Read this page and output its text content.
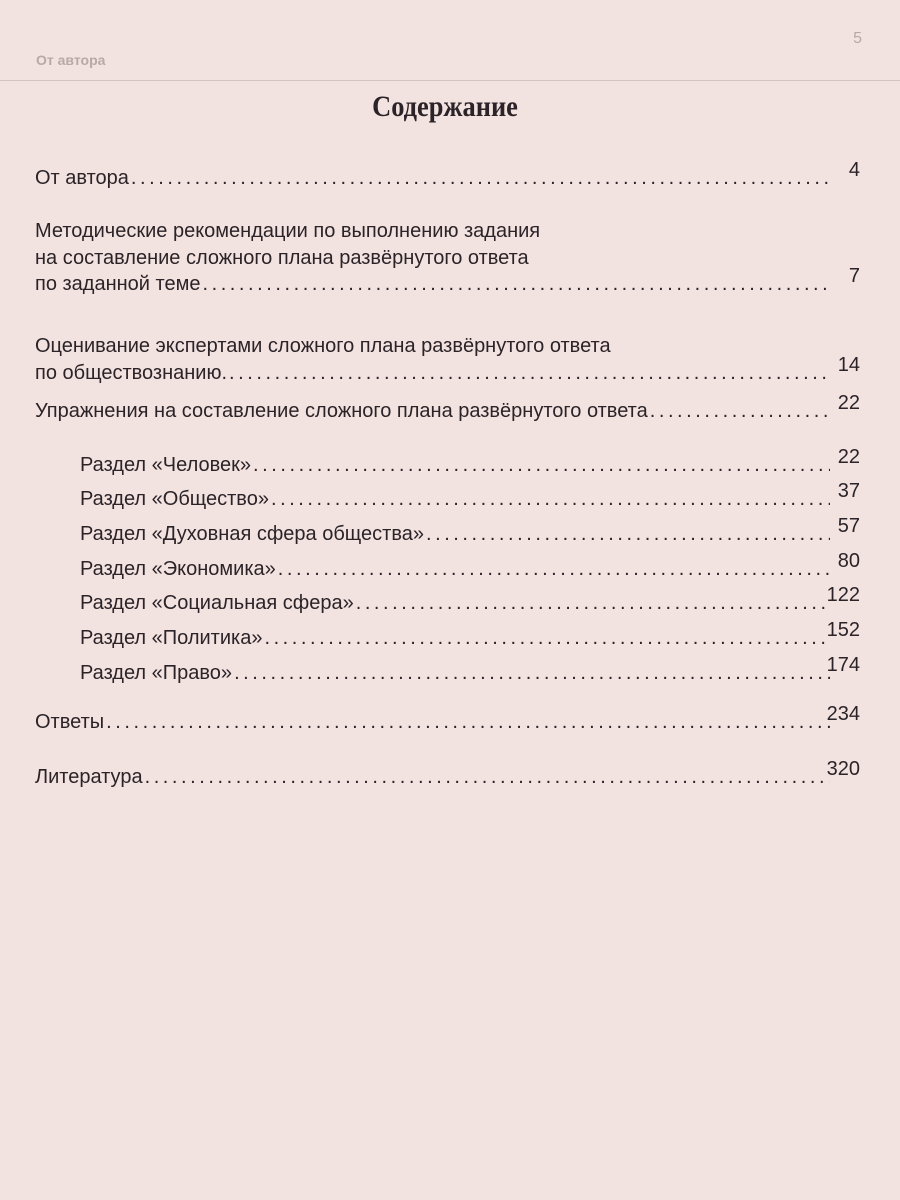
От автора
5
Содержание
От автора . . .	4
Методические рекомендации по выполнению задания
на составление сложного плана развёрнутого ответа
по заданной теме . . .	7
Оценивание экспертами сложного плана развёрнутого ответа
по обществознанию. . . .	14
Упражнения на составление сложного плана развёрнутого ответа . . .	22
Раздел «Человек» . . .	22
Раздел «Общество» . . .	37
Раздел «Духовная сфера общества» . . .	57
Раздел «Экономика» . . .	80
Раздел «Социальная сфера» . . .	122
Раздел «Политика» . . .	152
Раздел «Право» . . .	174
Ответы . . .	234
Литература . . .	320
